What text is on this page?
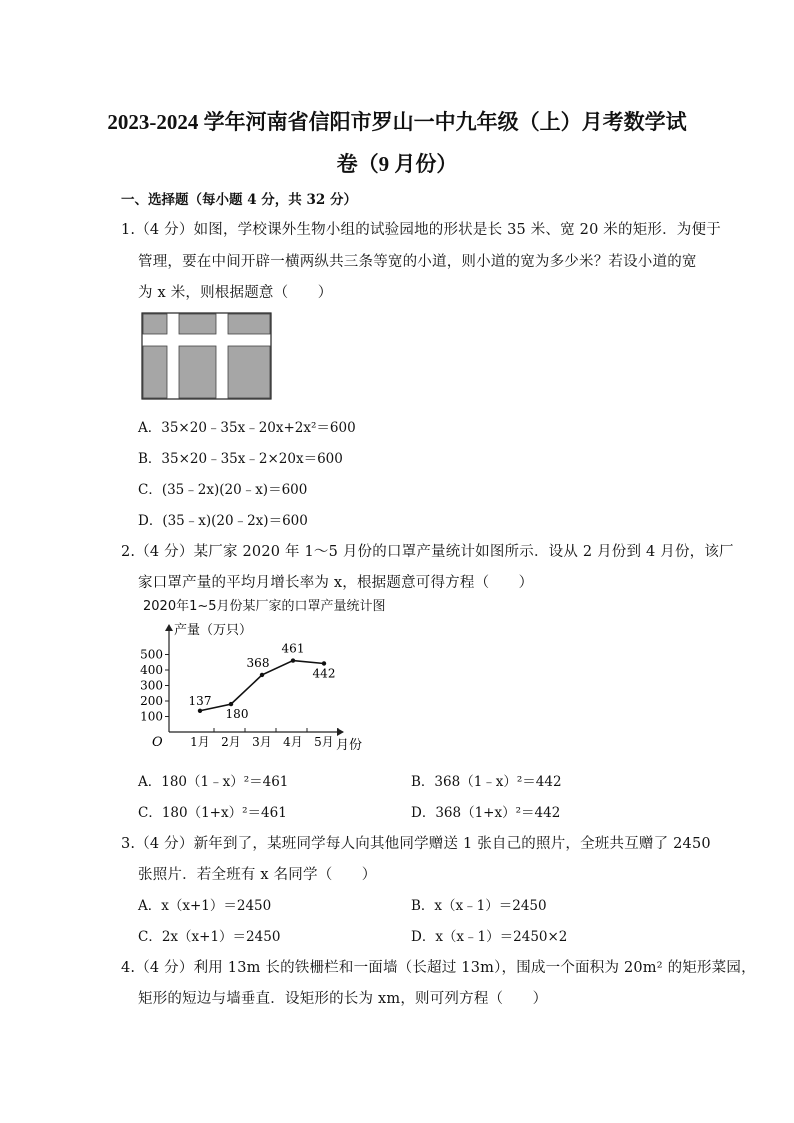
2023-2024 学年河南省信阳市罗山一中九年级（上）月考数学试
卷（9 月份）
一、选择题（每小题 4 分，共 32 分）
1.（4 分）如图，学校课外生物小组的试验园地的形状是长 35 米、宽 20 米的矩形．为便于
管理，要在中间开辟一横两纵共三条等宽的小道，则小道的宽为多少米？若设小道的宽
为 x 米，则根据题意（　　）
A．35×20﹣35x﹣20x+2x²＝600
B．35×20﹣35x﹣2×20x＝600
C．(35﹣2x)(20﹣x)＝600
D．(35﹣x)(20﹣2x)＝600
2.（4 分）某厂家 2020 年 1～5 月份的口罩产量统计如图所示．设从 2 月份到 4 月份，该厂
家口罩产量的平均月增长率为 x，根据题意可得方程（　　）
2020年1~5月份某厂家的口罩产量统计图
产量（万只）
月份
O
100
200
300
400
500
1月 2月 3月 4月 5月
137
180
368
461
442
A．180（1﹣x）²＝461	B．368（1﹣x）²＝442
C．180（1+x）²＝461	D．368（1+x）²＝442
3.（4 分）新年到了，某班同学每人向其他同学赠送 1 张自己的照片，全班共互赠了 2450
张照片．若全班有 x 名同学（　　）
A．x（x+1）＝2450	B．x（x﹣1）＝2450
C．2x（x+1）＝2450	D．x（x﹣1）＝2450×2
4.（4 分）利用 13m 长的铁栅栏和一面墙（长超过 13m），围成一个面积为 20m² 的矩形菜园，
矩形的短边与墙垂直．设矩形的长为 xm，则可列方程（　　）
